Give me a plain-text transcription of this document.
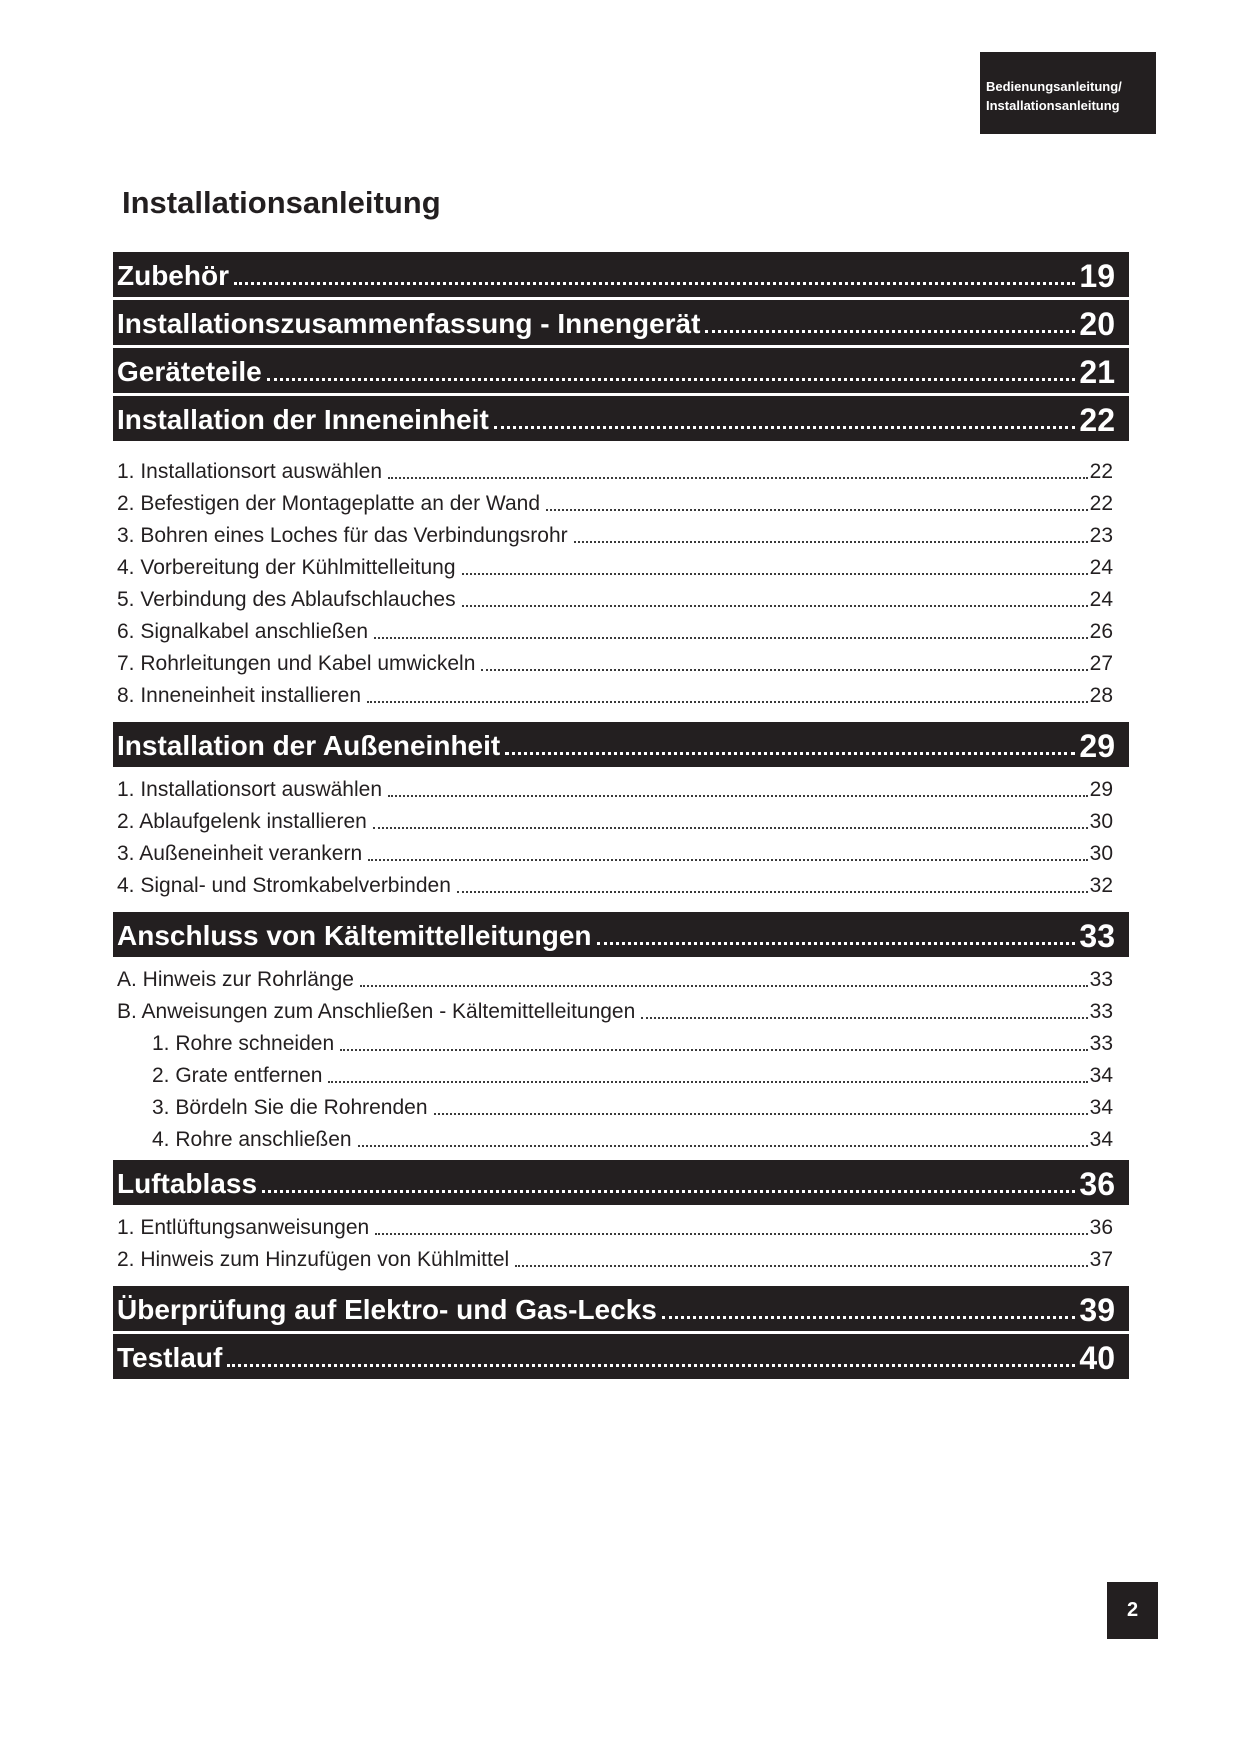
Bedienungsanleitung/
Installationsanleitung
Installationsanleitung
Zubehör	19
Installationszusammenfassung - Innengerät	20
Geräteteile	21
Installation der Inneneinheit	22
1. Installationsort auswählen	22
2. Befestigen der Montageplatte an der Wand	22
3. Bohren eines Loches für das Verbindungsrohr	23
4. Vorbereitung der Kühlmittelleitung	24
5. Verbindung des Ablaufschlauches	24
6. Signalkabel anschließen	26
7. Rohrleitungen und Kabel umwickeln	27
8. Inneneinheit installieren	28
Installation der Außeneinheit	29
1. Installationsort auswählen	29
2. Ablaufgelenk installieren	30
3. Außeneinheit verankern	30
4. Signal- und Stromkabelverbinden	32
Anschluss von Kältemittelleitungen	33
A. Hinweis zur Rohrlänge	33
B. Anweisungen zum Anschließen - Kältemittelleitungen	33
1. Rohre schneiden	33
2. Grate entfernen	34
3. Bördeln Sie die Rohrenden	34
4. Rohre anschließen	34
Luftablass	36
1. Entlüftungsanweisungen	36
2. Hinweis zum Hinzufügen von Kühlmittel	37
Überprüfung auf Elektro- und Gas-Lecks	39
Testlauf	40
2
